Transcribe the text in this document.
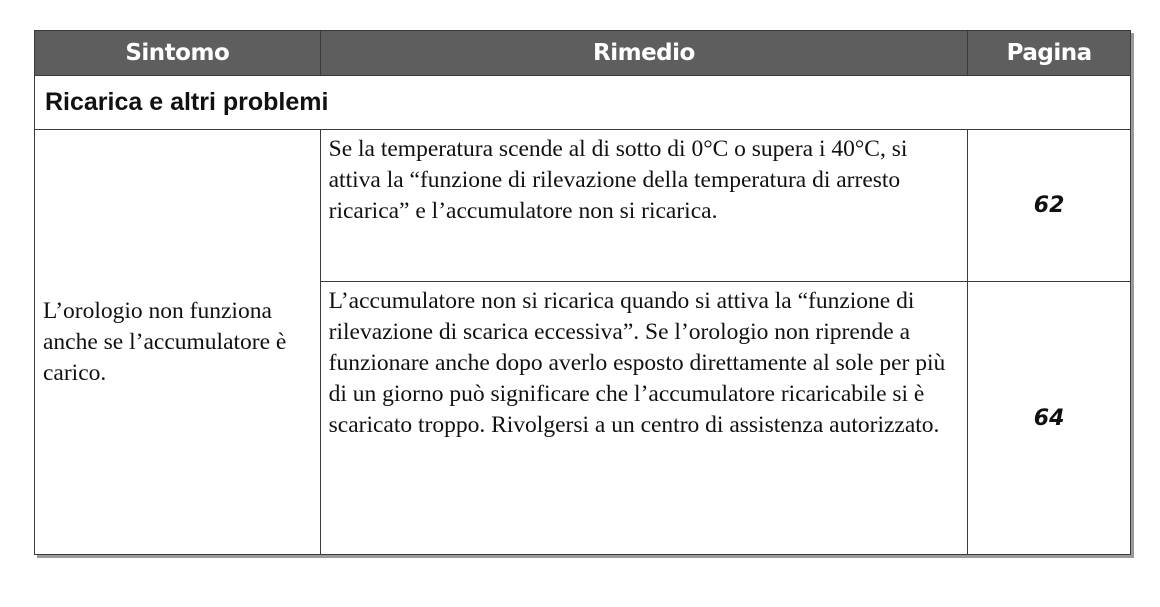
Sintomo	Rimedio	Pagina
Ricarica e altri problemi		
L’orologio non funziona anche se l’accumulatore è carico.	Se la temperatura scende al di sotto di 0°C o supera i 40°C, si attiva la “funzione di rilevazione della temperatura di arresto ricarica” e l’accumulatore non si ricarica.	62
	L’accumulatore non si ricarica quando si attiva la “funzione di rilevazione di scarica eccessiva”. Se l’orologio non riprende a funzionare anche dopo averlo esposto direttamente al sole per più di un giorno può significare che l’accumulatore ricaricabile si è scaricato troppo. Rivolgersi a un centro di assistenza autorizzato.	64
